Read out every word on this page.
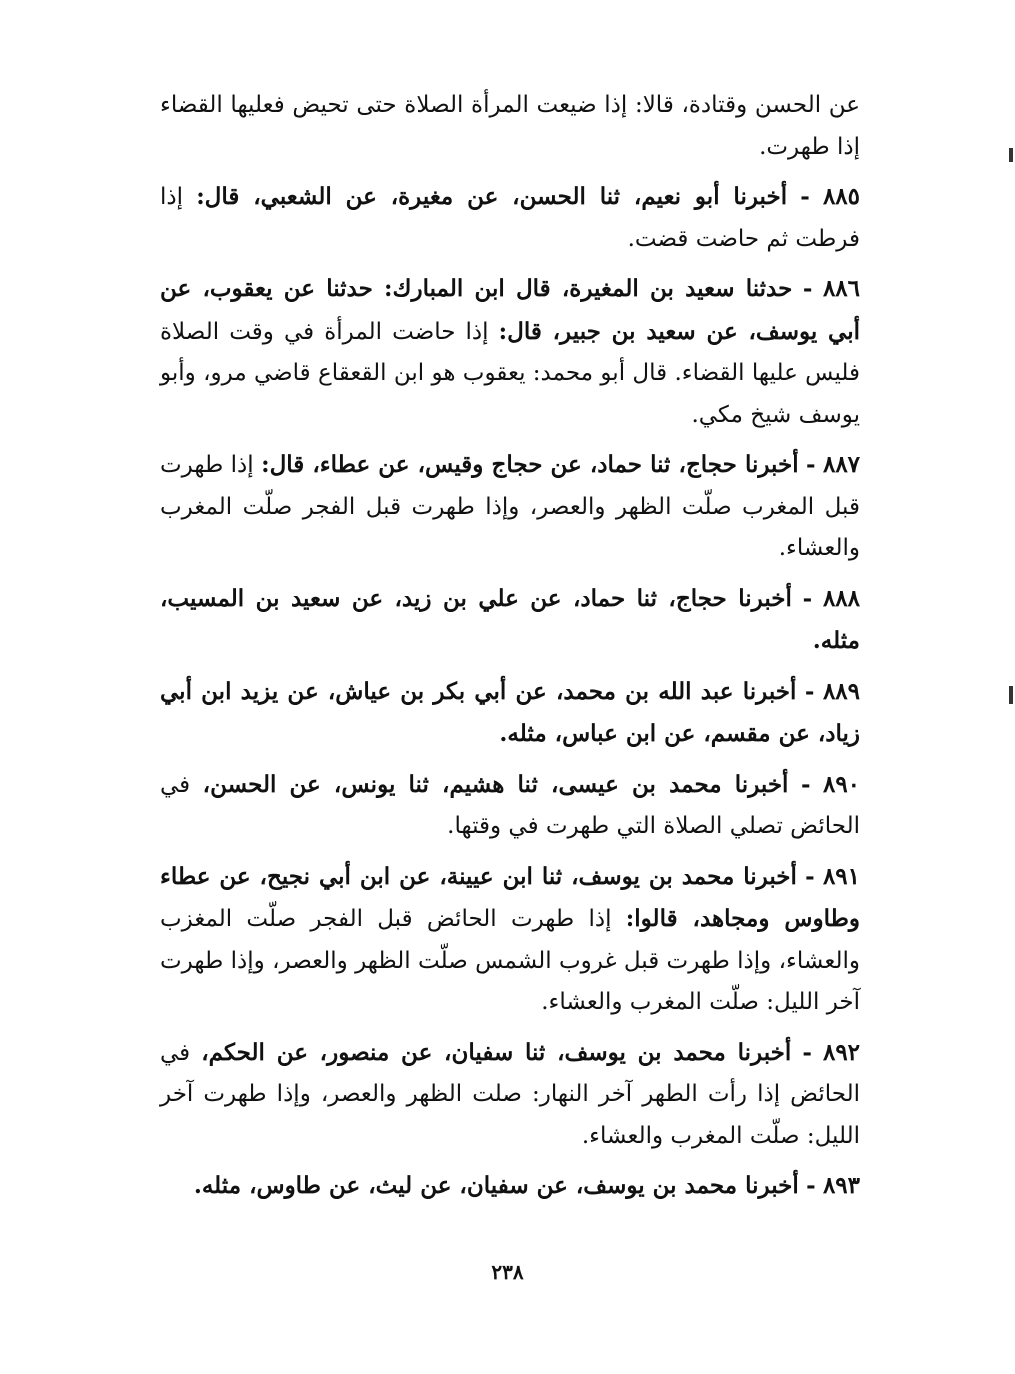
عن الحسن وقتادة، قالا: إذا ضيعت المرأة الصلاة حتى تحيض فعليها القضاء إذا طهرت.

٨٨٥ - أخبرنا أبو نعيم، ثنا الحسن، عن مغيرة، عن الشعبي، قال: إذا فرطت ثم حاضت قضت.

٨٨٦ - حدثنا سعيد بن المغيرة، قال ابن المبارك: حدثنا عن يعقوب، عن أبي يوسف، عن سعيد بن جبير، قال: إذا حاضت المرأة في وقت الصلاة فليس عليها القضاء. قال أبو محمد: يعقوب هو ابن القعقاع قاضي مرو، وأبو يوسف شيخ مكي.

٨٨٧ - أخبرنا حجاج، ثنا حماد، عن حجاج وقيس، عن عطاء، قال: إذا طهرت قبل المغرب صلّت الظهر والعصر، وإذا طهرت قبل الفجر صلّت المغرب والعشاء.

٨٨٨ - أخبرنا حجاج، ثنا حماد، عن علي بن زيد، عن سعيد بن المسيب، مثله.

٨٨٩ - أخبرنا عبد الله بن محمد، عن أبي بكر بن عياش، عن يزيد ابن أبي زياد، عن مقسم، عن ابن عباس، مثله.

٨٩٠ - أخبرنا محمد بن عيسى، ثنا هشيم، ثنا يونس، عن الحسن، في الحائض تصلي الصلاة التي طهرت في وقتها.

٨٩١ - أخبرنا محمد بن يوسف، ثنا ابن عيينة، عن ابن أبي نجيح، عن عطاء وطاوس ومجاهد، قالوا: إذا طهرت الحائض قبل الفجر صلّت المغزب والعشاء، وإذا طهرت قبل غروب الشمس صلّت الظهر والعصر، وإذا طهرت آخر الليل: صلّت المغرب والعشاء.

٨٩٢ - أخبرنا محمد بن يوسف، ثنا سفيان، عن منصور، عن الحكم، في الحائض إذا رأت الطهر آخر النهار: صلت الظهر والعصر، وإذا طهرت آخر الليل: صلّت المغرب والعشاء.

٨٩٣ - أخبرنا محمد بن يوسف، عن سفيان، عن ليث، عن طاوس، مثله.

٢٣٨
